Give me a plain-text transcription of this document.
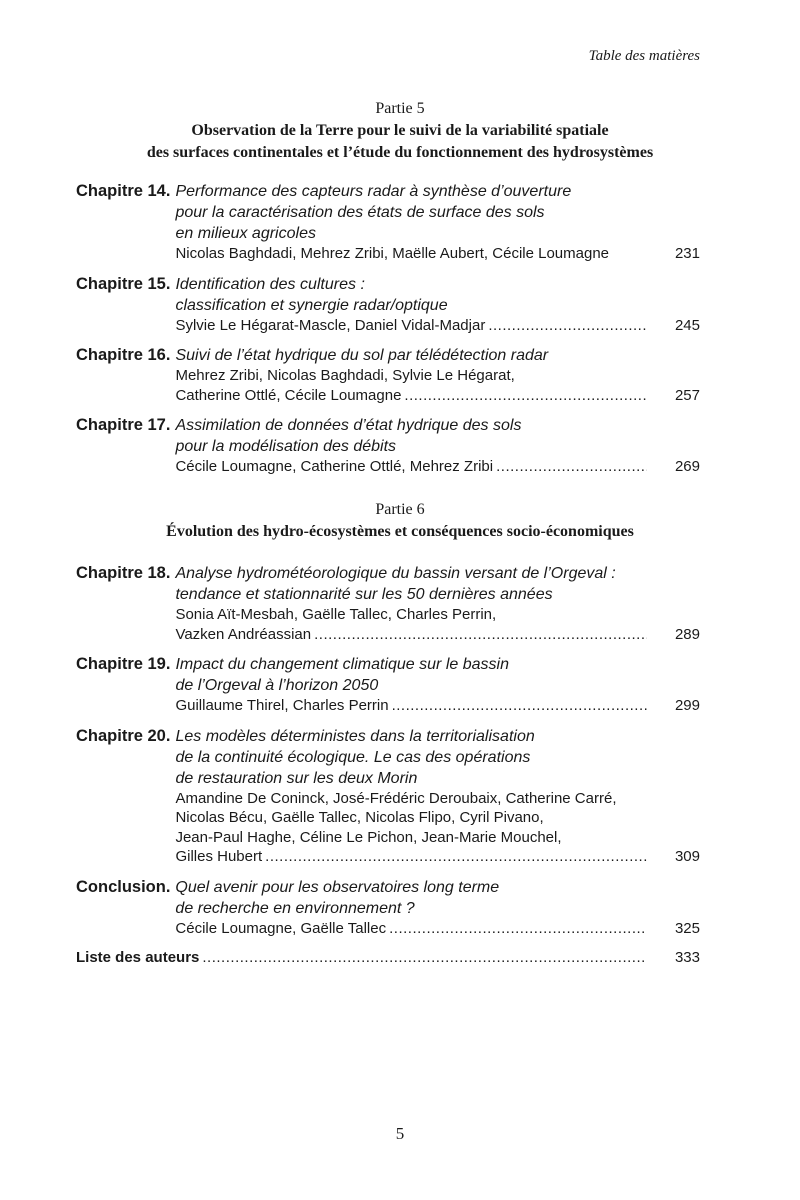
Table des matières
Partie 5
Observation de la Terre pour le suivi de la variabilité spatiale
des surfaces continentales et l’étude du fonctionnement des hydrosystèmes
Chapitre 14. Performance des capteurs radar à synthèse d’ouverture
pour la caractérisation des états de surface des sols
en milieux agricoles
Nicolas Baghdadi, Mehrez Zribi, Maëlle Aubert, Cécile Loumagne	231
Chapitre 15. Identification des cultures :
classification et synergie radar/optique
Sylvie Le Hégarat-Mascle, Daniel Vidal-Madjar .....	245
Chapitre 16. Suivi de l’état hydrique du sol par télédétection radar
Mehrez Zribi, Nicolas Baghdadi, Sylvie Le Hégarat,
Catherine Ottlé, Cécile Loumagne .....	257
Chapitre 17. Assimilation de données d’état hydrique des sols
pour la modélisation des débits
Cécile Loumagne, Catherine Ottlé, Mehrez Zribi .....	269
Partie 6
Évolution des hydro-écosystèmes et conséquences socio-économiques
Chapitre 18. Analyse hydrométéorologique du bassin versant de l’Orgeval :
tendance et stationnarité sur les 50 dernières années
Sonia Aït-Mesbah, Gaëlle Tallec, Charles Perrin,
Vazken Andréassian .....	289
Chapitre 19. Impact du changement climatique sur le bassin
de l’Orgeval à l’horizon 2050
Guillaume Thirel, Charles Perrin .....	299
Chapitre 20. Les modèles déterministes dans la territorialisation
de la continuité écologique. Le cas des opérations
de restauration sur les deux Morin
Amandine De Coninck, José-Frédéric Deroubaix, Catherine Carré,
Nicolas Bécu, Gaëlle Tallec, Nicolas Flipo, Cyril Pivano,
Jean-Paul Haghe, Céline Le Pichon, Jean-Marie Mouchel,
Gilles Hubert .....	309
Conclusion. Quel avenir pour les observatoires long terme
de recherche en environnement ?
Cécile Loumagne, Gaëlle Tallec .....	325
Liste des auteurs .....	333
5
